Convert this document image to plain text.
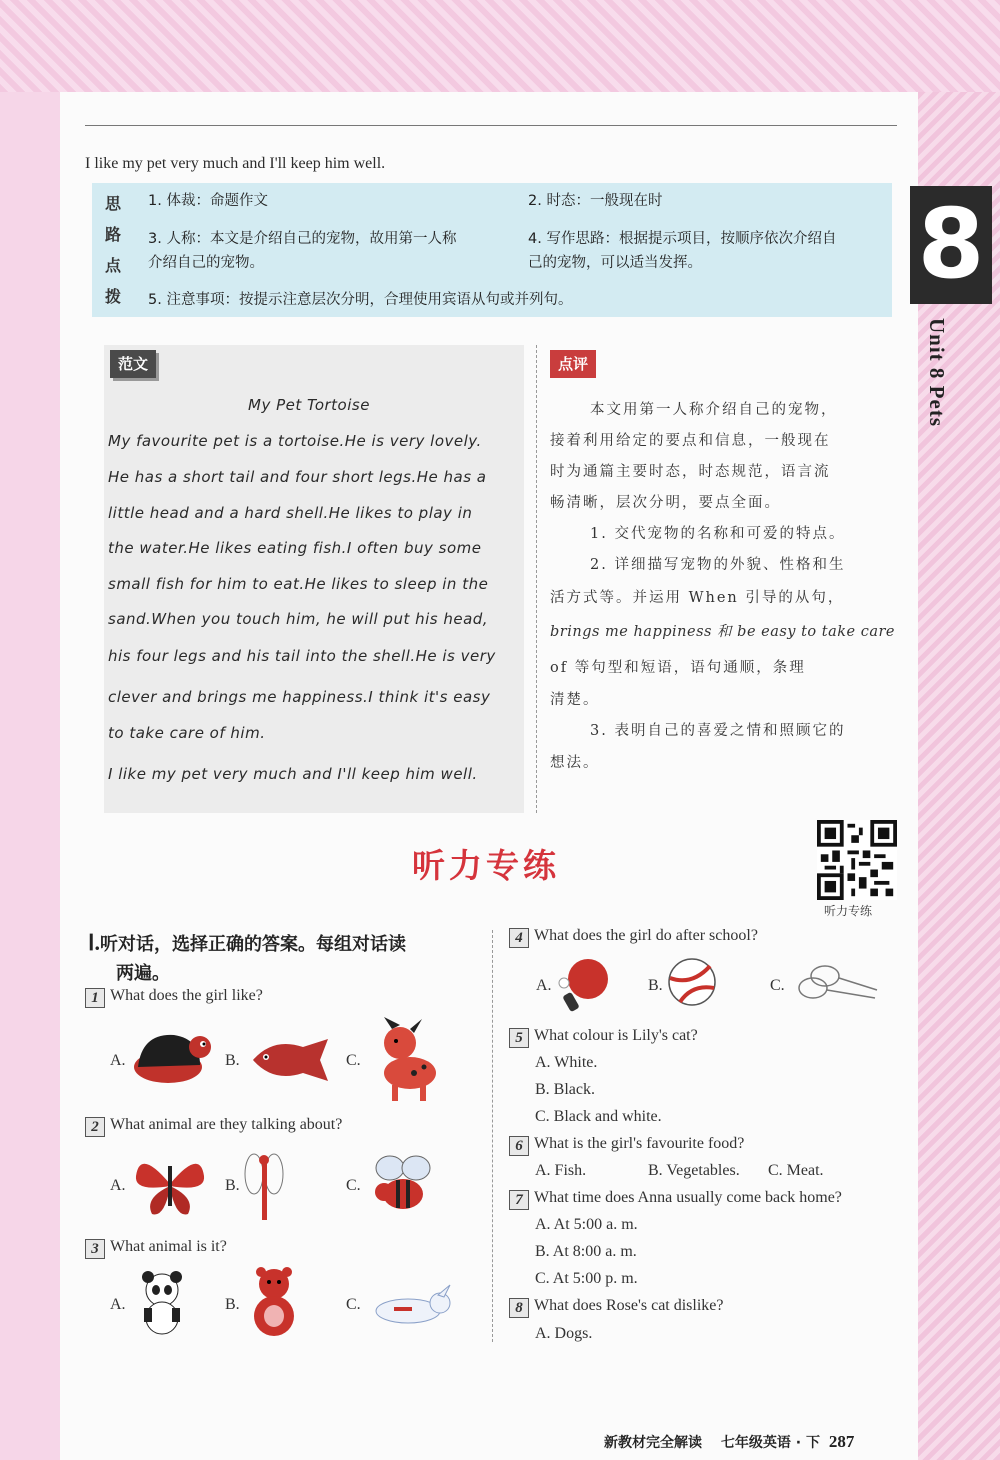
I like my pet very much and I'll keep him well.
思
路
点
拨
1. 体裁：命题作文	2. 时态：一般现在时
3. 人称：本文是介绍自己的宠物，故用第一人称
介绍自己的宠物。
4. 写作思路：根据提示项目，按顺序依次介绍自
己的宠物，可以适当发挥。
5. 注意事项：按提示注意层次分明，合理使用宾语从句或并列句。	8
Unit 8 Pets
范文
My Pet Tortoise
My favourite pet is a tortoise.He is very lovely.
He has a short tail and four short legs.He has a
little head and a hard shell.He likes to play in
the water.He likes eating fish.I often buy some
small fish for him to eat.He likes to sleep in the
sand.When you touch him, he will put his head,
his four legs and his tail into the shell.He is very
clever and brings me happiness.I think it's easy
to take care of him.
I like my pet very much and I'll keep him well.
点评
本文用第一人称介绍自己的宠物，
接着利用给定的要点和信息，一般现在
时为通篇主要时态，时态规范，语言流
畅清晰，层次分明，要点全面。
1. 交代宠物的名称和可爱的特点。
2. 详细描写宠物的外貌、性格和生
活方式等。并运用 When 引导的从句，
brings me happiness 和 be easy to take care
of 等句型和短语，语句通顺，条理
清楚。
3. 表明自己的喜爱之情和照顾它的
想法。
听力专练
听力专练
Ⅰ.听对话，选择正确的答案。每组对话读
两遍。
1 What does the girl like?
A.	B.	C.
2 What animal are they talking about?
A.	B.	C.
3 What animal is it?
A.	B.	C.
4 What does the girl do after school?
A.	B.	C.
5 What colour is Lily's cat?
A. White.
B. Black.
C. Black and white.
6 What is the girl's favourite food?
A. Fish.	B. Vegetables. C. Meat.
7 What time does Anna usually come back home?
A. At 5:00 a. m.
B. At 8:00 a. m.
C. At 5:00 p. m.
8 What does Rose's cat dislike?
A. Dogs.
新教材完全解读 七年级英语 · 下 287
